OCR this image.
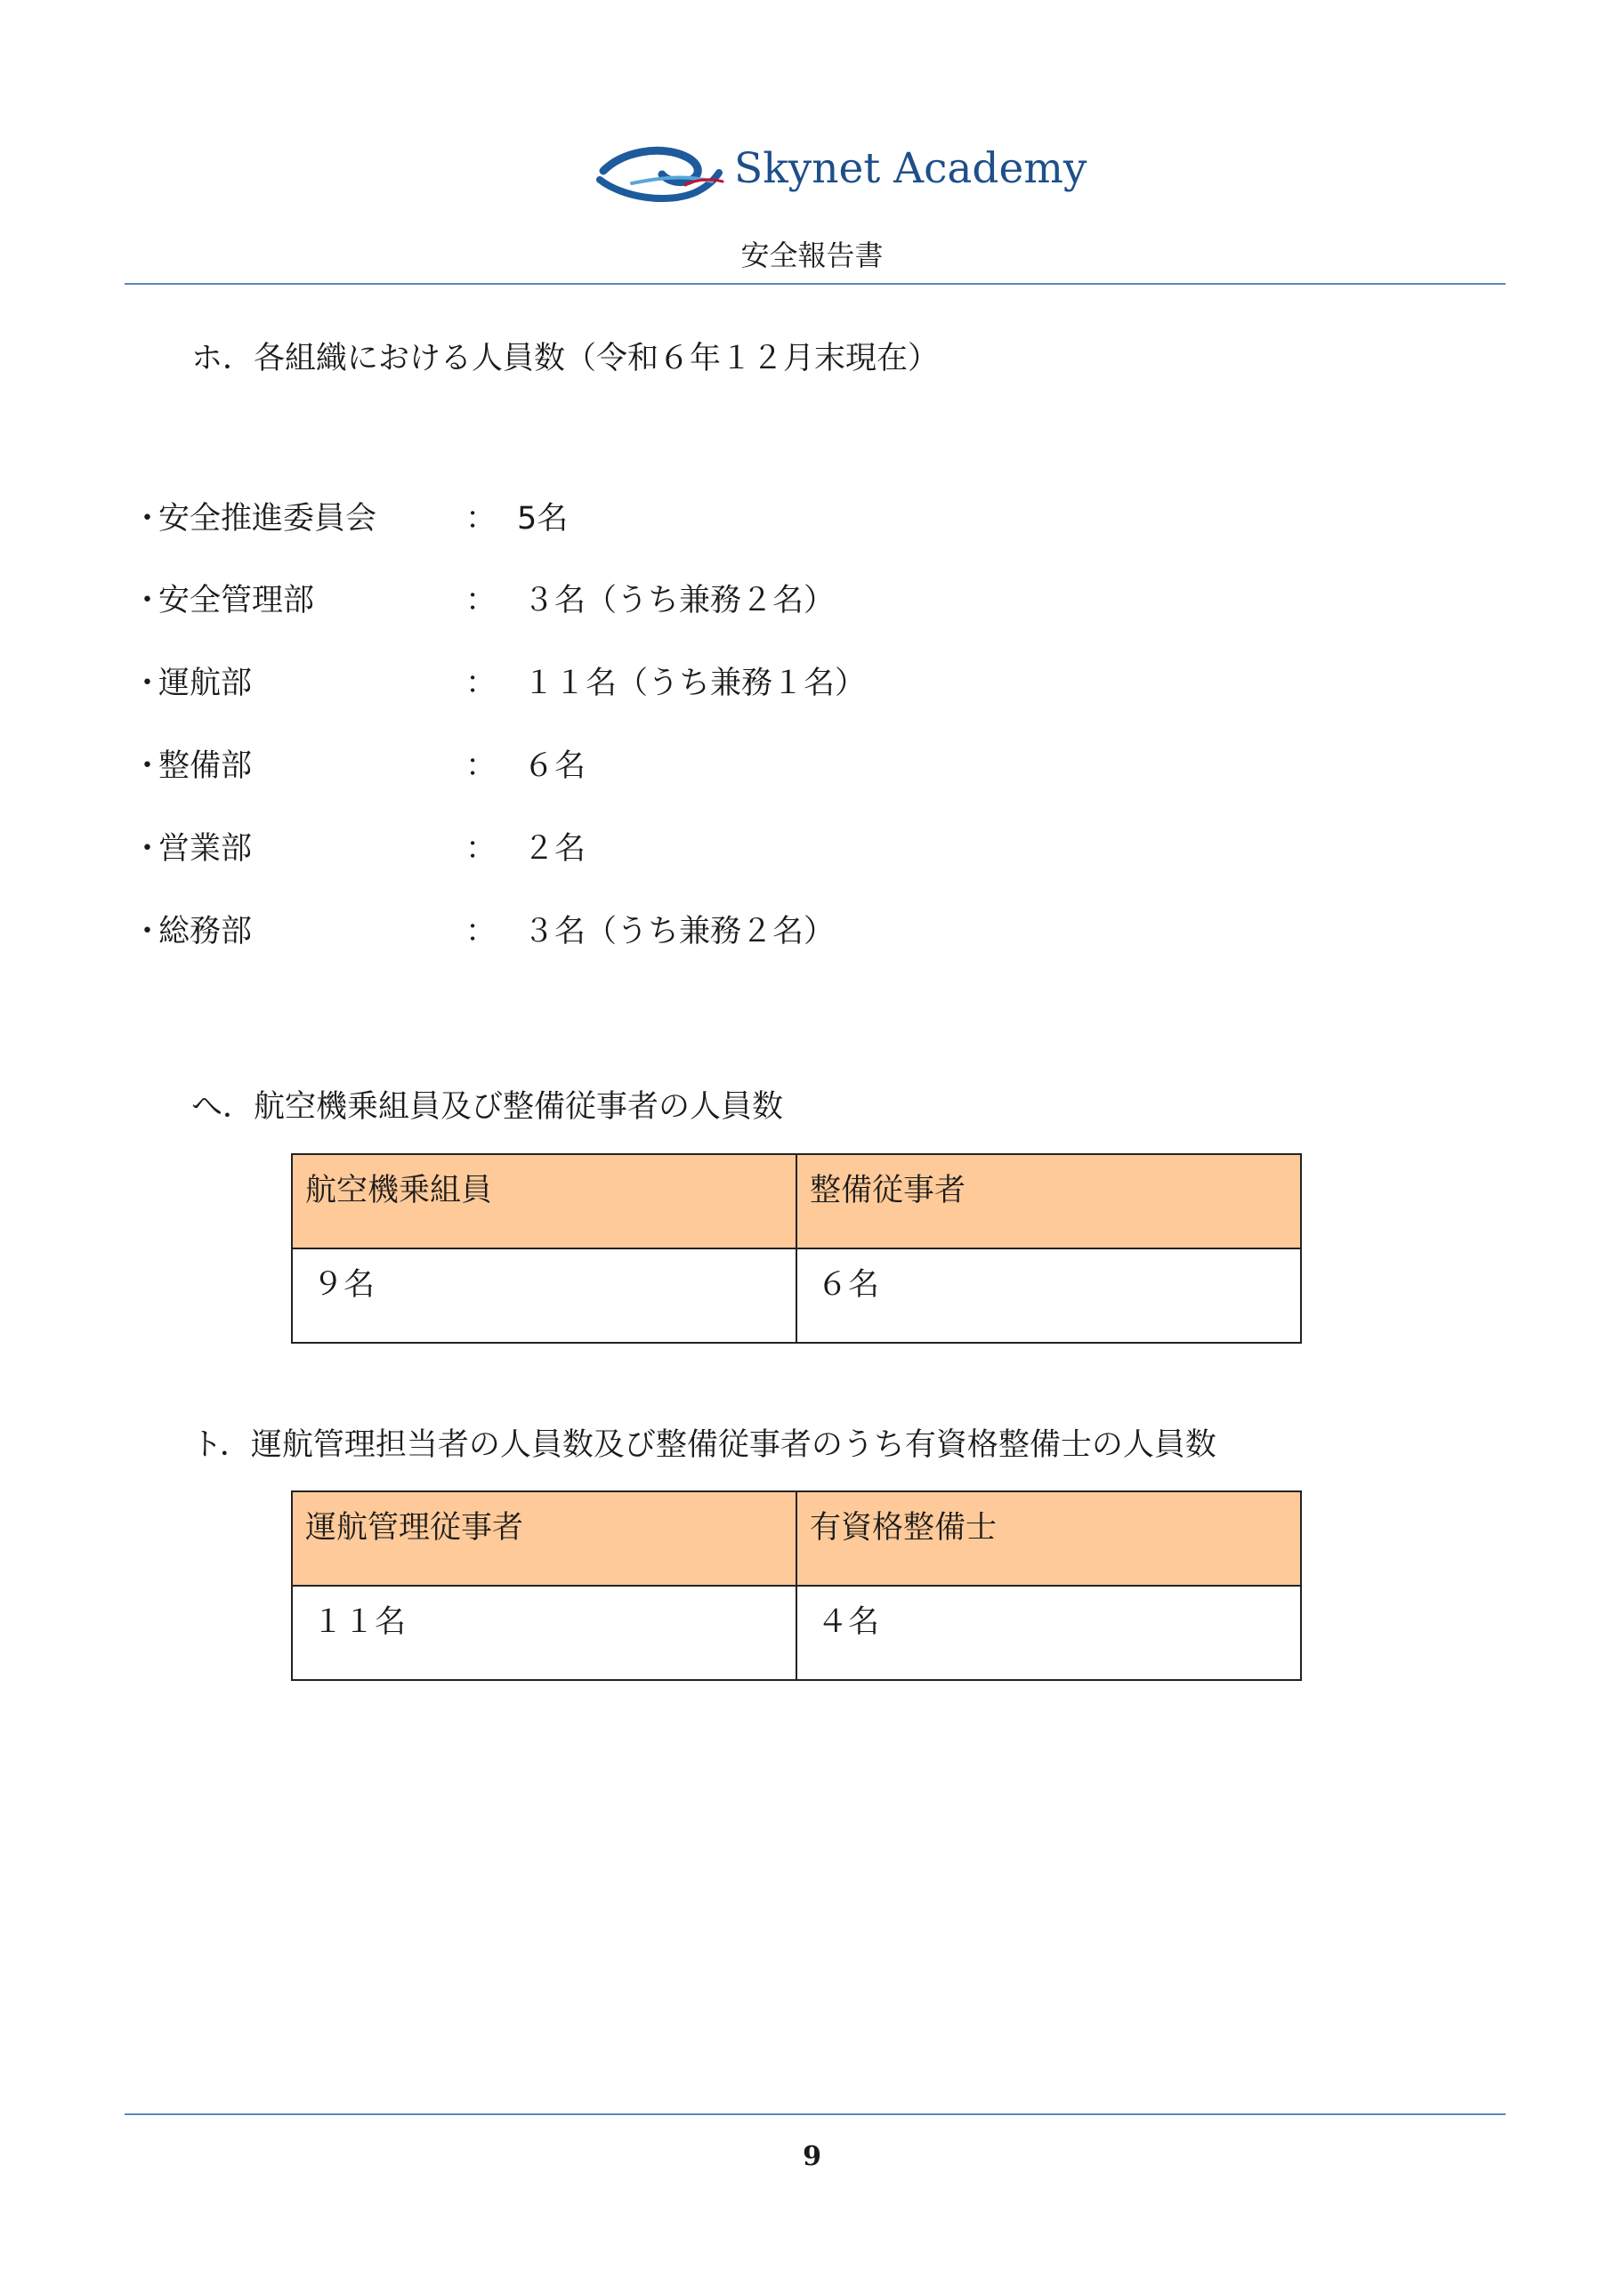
Skynet Academy
安全報告書
ホ．各組織における人員数（令和６年１２月末現在）
・
安全推進委員会	： 5名
・
安全管理部	： ３名（うち兼務２名）
・
運航部	： １１名（うち兼務１名）
・
整備部	： ６名
・
営業部	： ２名
・
総務部	： ３名（うち兼務２名）
へ．航空機乗組員及び整備従事者の人員数
航空機乗組員	整備従事者
９名	６名
ト．運航管理担当者の人員数及び整備従事者のうち有資格整備士の人員数
運航管理従事者	有資格整備士
１１名	４名
9
